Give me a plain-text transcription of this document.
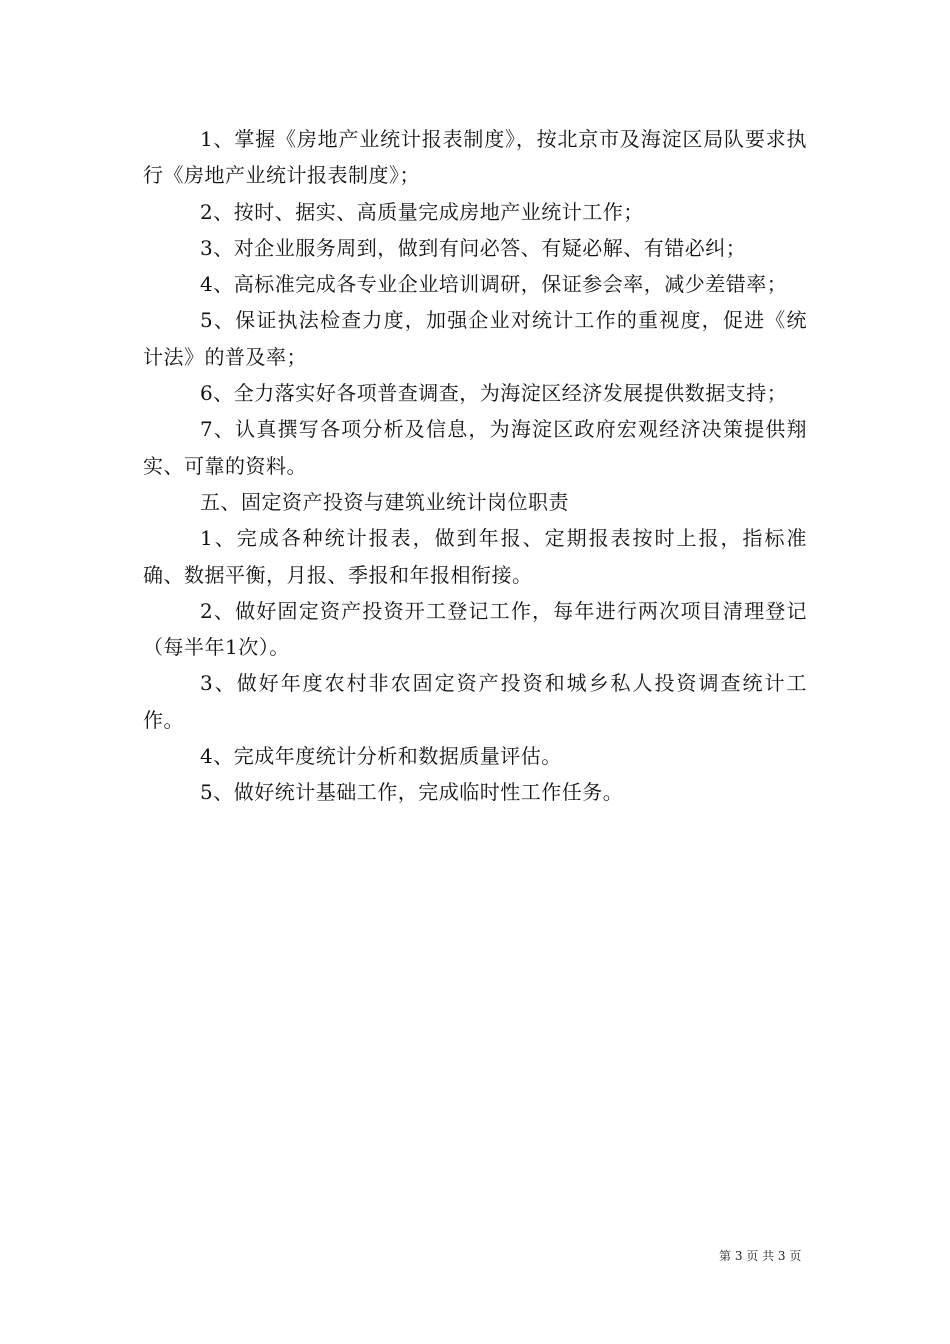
1、掌握《房地产业统计报表制度》，按北京市及海淀区局队要求执行《房地产业统计报表制度》；

2、按时、据实、高质量完成房地产业统计工作；

3、对企业服务周到，做到有问必答、有疑必解、有错必纠；

4、高标准完成各专业企业培训调研，保证参会率，减少差错率；

5、保证执法检查力度，加强企业对统计工作的重视度，促进《统计法》的普及率；

6、全力落实好各项普查调查，为海淀区经济发展提供数据支持；

7、认真撰写各项分析及信息，为海淀区政府宏观经济决策提供翔实、可靠的资料。

五、固定资产投资与建筑业统计岗位职责

1、完成各种统计报表，做到年报、定期报表按时上报，指标准确、数据平衡，月报、季报和年报相衔接。

2、做好固定资产投资开工登记工作，每年进行两次项目清理登记（每半年1次）。

3、做好年度农村非农固定资产投资和城乡私人投资调查统计工作。

4、完成年度统计分析和数据质量评估。

5、做好统计基础工作，完成临时性工作任务。

第 3 页 共 3 页
